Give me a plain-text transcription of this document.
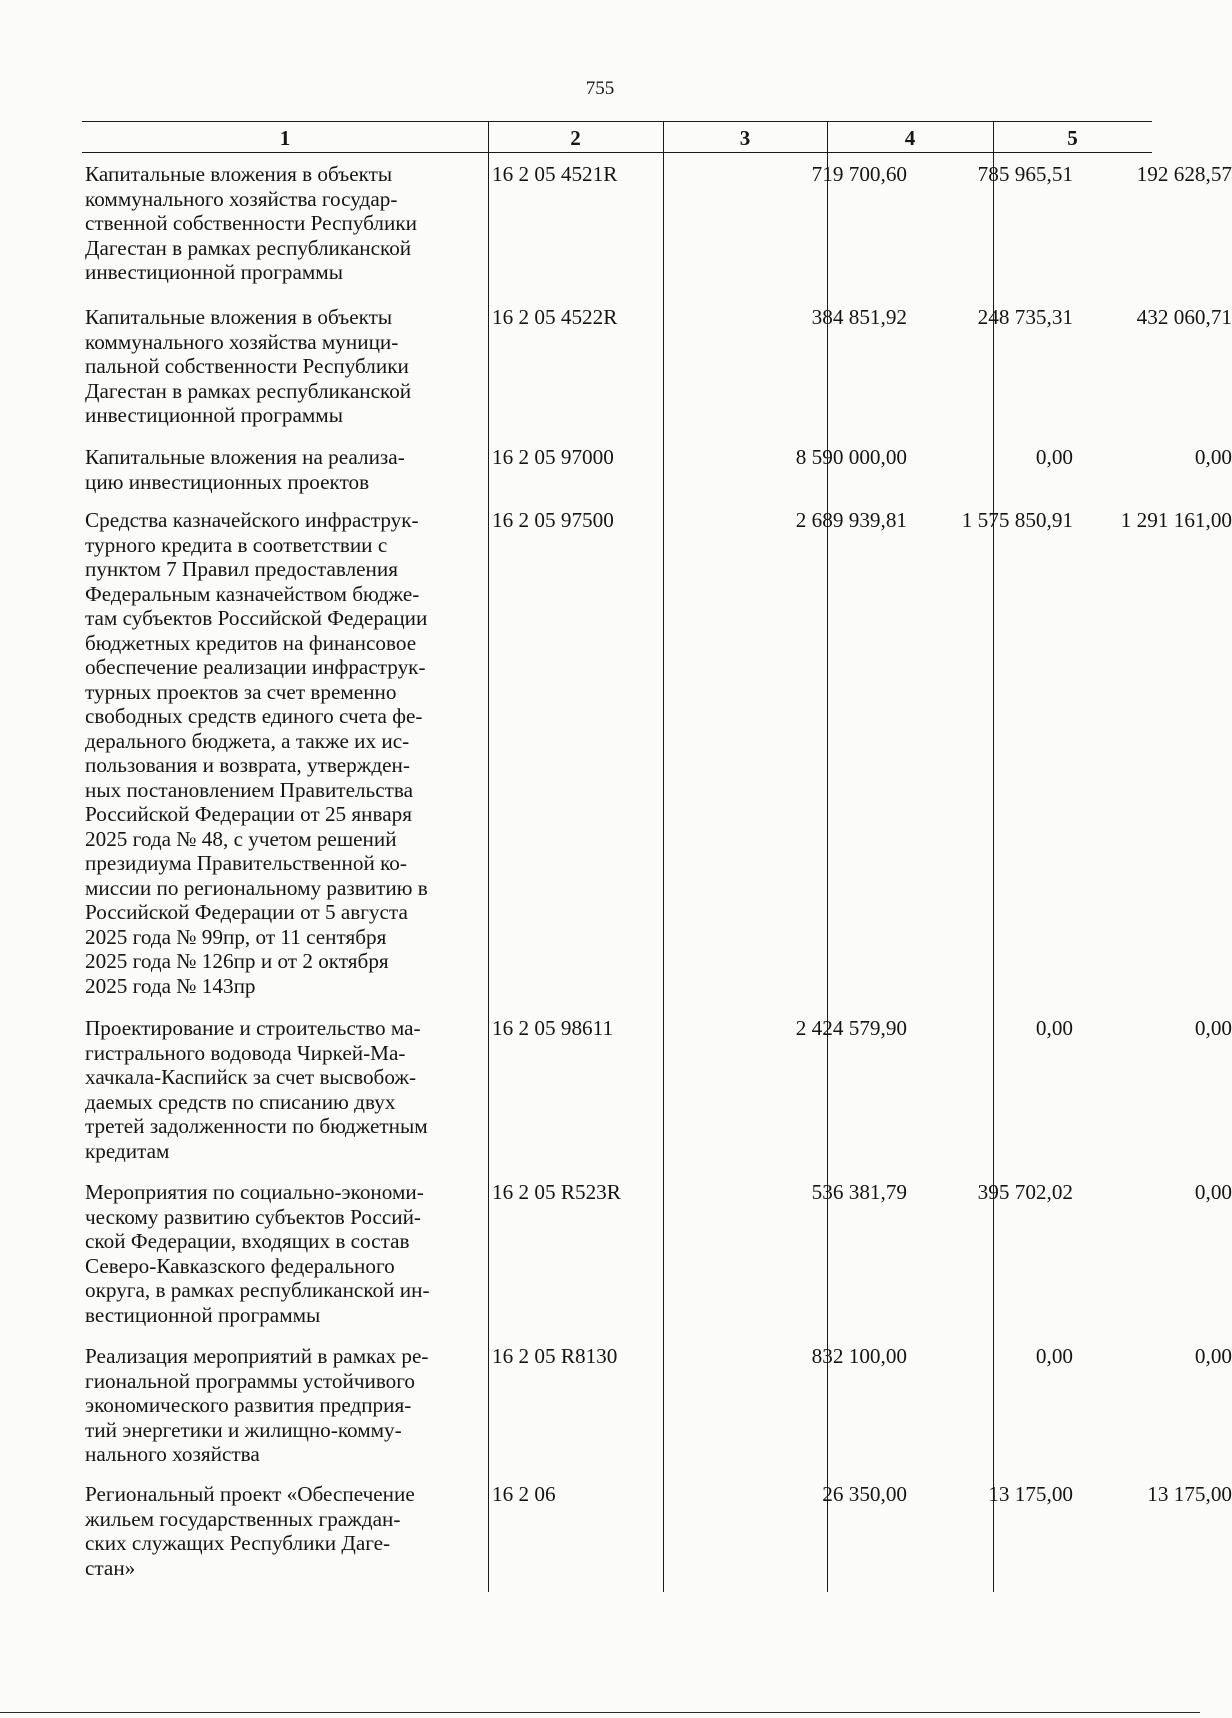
755
1	2	3	4	5
Капитальные вложения в объекты
коммунального хозяйства государ-
ственной собственности Республики
Дагестан в рамках республиканской
инвестиционной программы
16 2 05 4521R	719 700,60	785 965,51	192 628,57
Капитальные вложения в объекты
коммунального хозяйства муници-
пальной собственности Республики
Дагестан в рамках республиканской
инвестиционной программы
16 2 05 4522R	384 851,92	248 735,31	432 060,71
Капитальные вложения на реализа-
цию инвестиционных проектов
16 2 05 97000	8 590 000,00	0,00	0,00
Средства казначейского инфраструк-
турного кредита в соответствии с
пунктом 7 Правил предоставления
Федеральным казначейством бюдже-
там субъектов Российской Федерации
бюджетных кредитов на финансовое
обеспечение реализации инфраструк-
турных проектов за счет временно
свободных средств единого счета фе-
дерального бюджета, а также их ис-
пользования и возврата, утвержден-
ных постановлением Правительства
Российской Федерации от 25 января
2025 года № 48, с учетом решений
президиума Правительственной ко-
миссии по региональному развитию в
Российской Федерации от 5 августа
2025 года № 99пр, от 11 сентября
2025 года № 126пр и от 2 октября
2025 года № 143пр
16 2 05 97500	2 689 939,81	1 575 850,91	1 291 161,00
Проектирование и строительство ма-
гистрального водовода Чиркей-Ма-
хачкала-Каспийск за счет высвобож-
даемых средств по списанию двух
третей задолженности по бюджетным
кредитам
16 2 05 98611	2 424 579,90	0,00	0,00
Мероприятия по социально-экономи-
ческому развитию субъектов Россий-
ской Федерации, входящих в состав
Северо-Кавказского федерального
округа, в рамках республиканской ин-
вестиционной программы
16 2 05 R523R	536 381,79	395 702,02	0,00
Реализация мероприятий в рамках ре-
гиональной программы устойчивого
экономического развития предприя-
тий энергетики и жилищно-комму-
нального хозяйства
16 2 05 R8130	832 100,00	0,00	0,00
Региональный проект «Обеспечение
жильем государственных граждан-
ских служащих Республики Даге-
стан»
16 2 06	26 350,00	13 175,00	13 175,00
